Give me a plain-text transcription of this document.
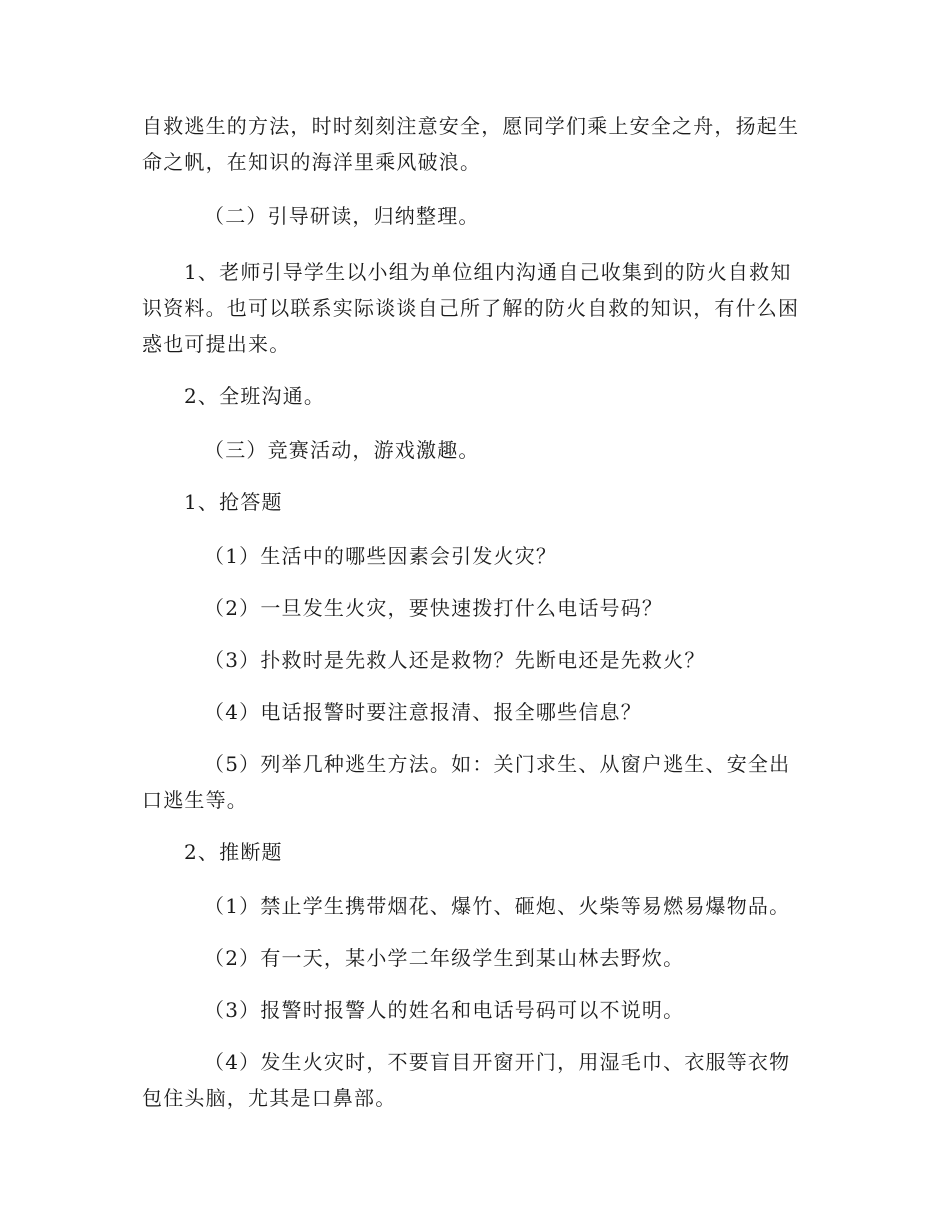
自救逃生的方法，时时刻刻注意安全，愿同学们乘上安全之舟，扬起生命之帆，在知识的海洋里乘风破浪。

（二）引导研读，归纳整理。

1、老师引导学生以小组为单位组内沟通自己收集到的防火自救知识资料。也可以联系实际谈谈自己所了解的防火自救的知识，有什么困惑也可提出来。

2、全班沟通。

（三）竞赛活动，游戏激趣。

1、抢答题

（1）生活中的哪些因素会引发火灾？

（2）一旦发生火灾，要快速拨打什么电话号码？

（3）扑救时是先救人还是救物？先断电还是先救火？

（4）电话报警时要注意报清、报全哪些信息？

（5）列举几种逃生方法。如：关门求生、从窗户逃生、安全出口逃生等。

2、推断题

（1）禁止学生携带烟花、爆竹、砸炮、火柴等易燃易爆物品。

（2）有一天，某小学二年级学生到某山林去野炊。

（3）报警时报警人的姓名和电话号码可以不说明。

（4）发生火灾时，不要盲目开窗开门，用湿毛巾、衣服等衣物包住头脑，尤其是口鼻部。
